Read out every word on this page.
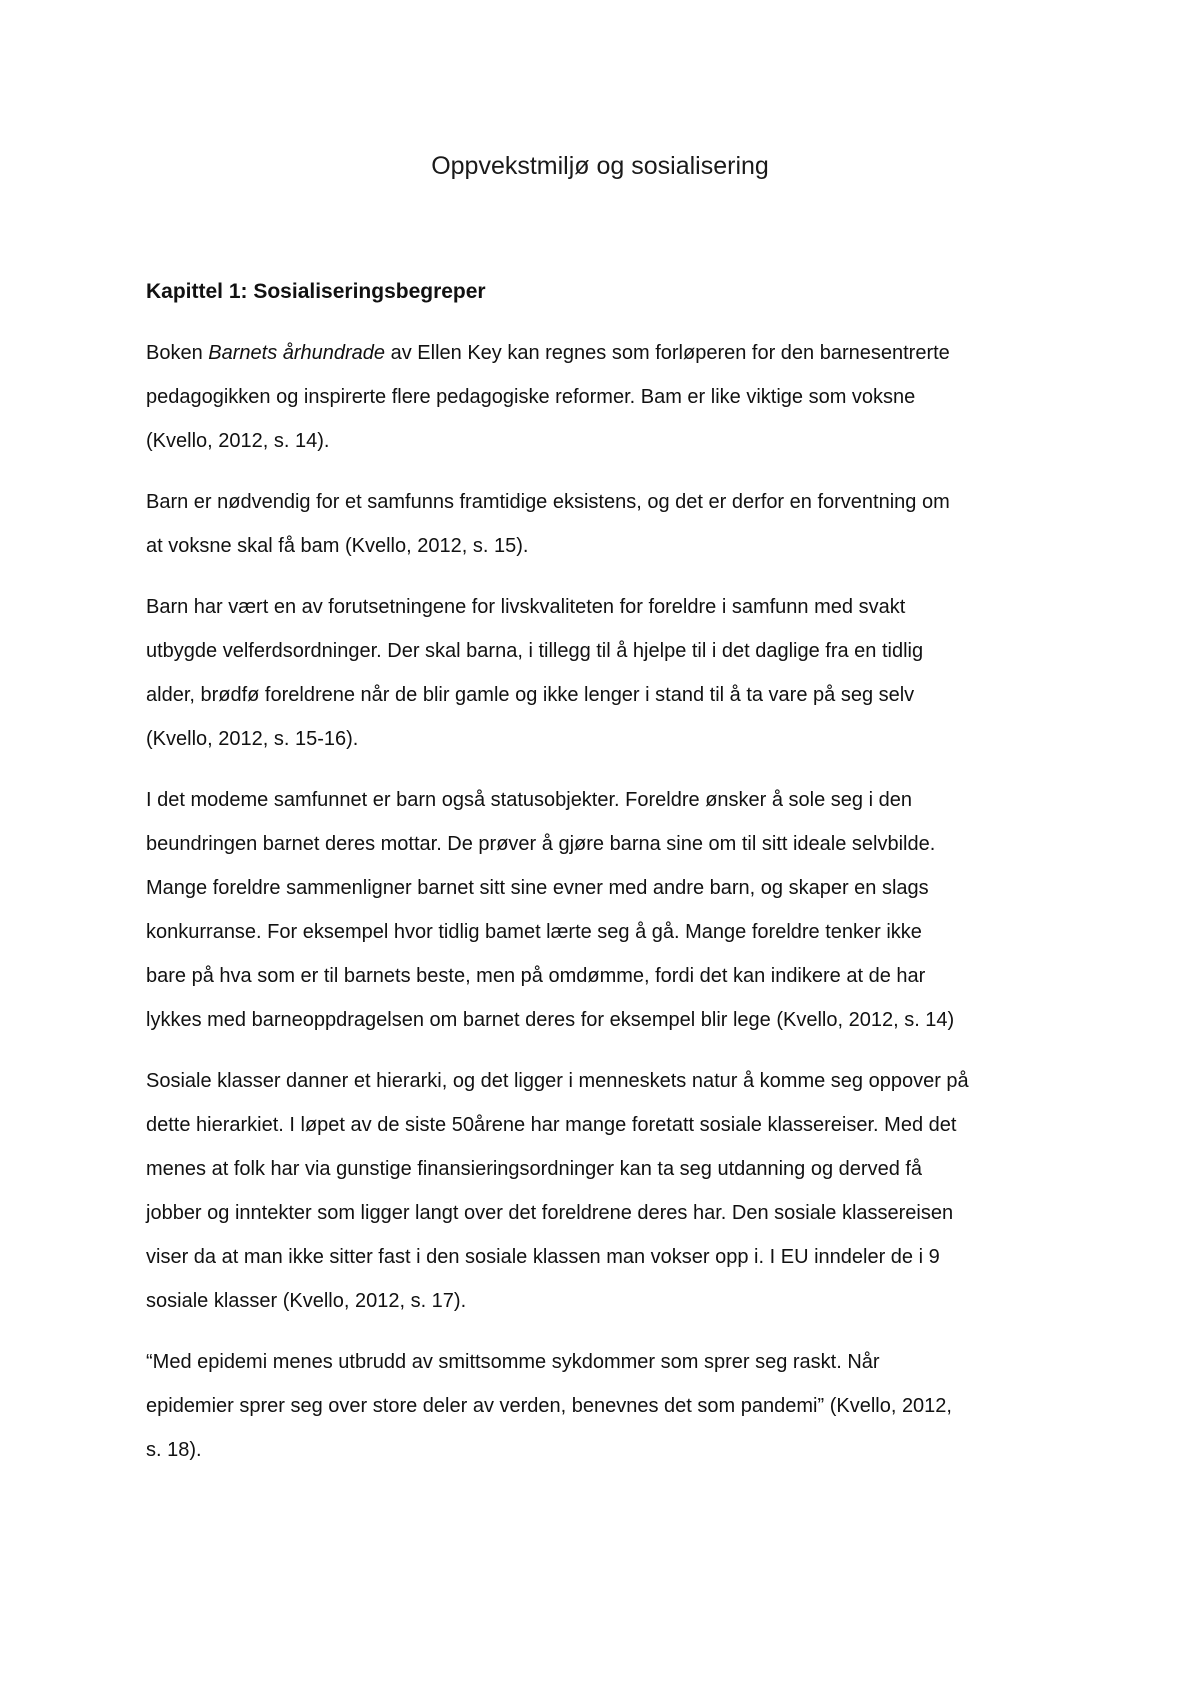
Oppvekstmiljø og sosialisering
Kapittel 1: Sosialiseringsbegreper

Boken Barnets århundrade av Ellen Key kan regnes som forløperen for den barnesentrerte
pedagogikken og inspirerte flere pedagogiske reformer. Bam er like viktige som voksne
(Kvello, 2012, s. 14).

Barn er nødvendig for et samfunns framtidige eksistens, og det er derfor en forventning om
at voksne skal få bam (Kvello, 2012, s. 15).

Barn har vært en av forutsetningene for livskvaliteten for foreldre i samfunn med svakt
utbygde velferdsordninger. Der skal barna, i tillegg til å hjelpe til i det daglige fra en tidlig
alder, brødfø foreldrene når de blir gamle og ikke lenger i stand til å ta vare på seg selv
(Kvello, 2012, s. 15-16).

I det modeme samfunnet er barn også statusobjekter. Foreldre ønsker å sole seg i den
beundringen barnet deres mottar. De prøver å gjøre barna sine om til sitt ideale selvbilde.
Mange foreldre sammenligner barnet sitt sine evner med andre barn, og skaper en slags
konkurranse. For eksempel hvor tidlig bamet lærte seg å gå. Mange foreldre tenker ikke
bare på hva som er til barnets beste, men på omdømme, fordi det kan indikere at de har
lykkes med barneoppdragelsen om barnet deres for eksempel blir lege (Kvello, 2012, s. 14)

Sosiale klasser danner et hierarki, og det ligger i menneskets natur å komme seg oppover på
dette hierarkiet. I løpet av de siste 50årene har mange foretatt sosiale klassereiser. Med det
menes at folk har via gunstige finansieringsordninger kan ta seg utdanning og derved få
jobber og inntekter som ligger langt over det foreldrene deres har. Den sosiale klassereisen
viser da at man ikke sitter fast i den sosiale klassen man vokser opp i. I EU inndeler de i 9
sosiale klasser (Kvello, 2012, s. 17).

“Med epidemi menes utbrudd av smittsomme sykdommer som sprer seg raskt. Når
epidemier sprer seg over store deler av verden, benevnes det som pandemi” (Kvello, 2012,
s. 18).
